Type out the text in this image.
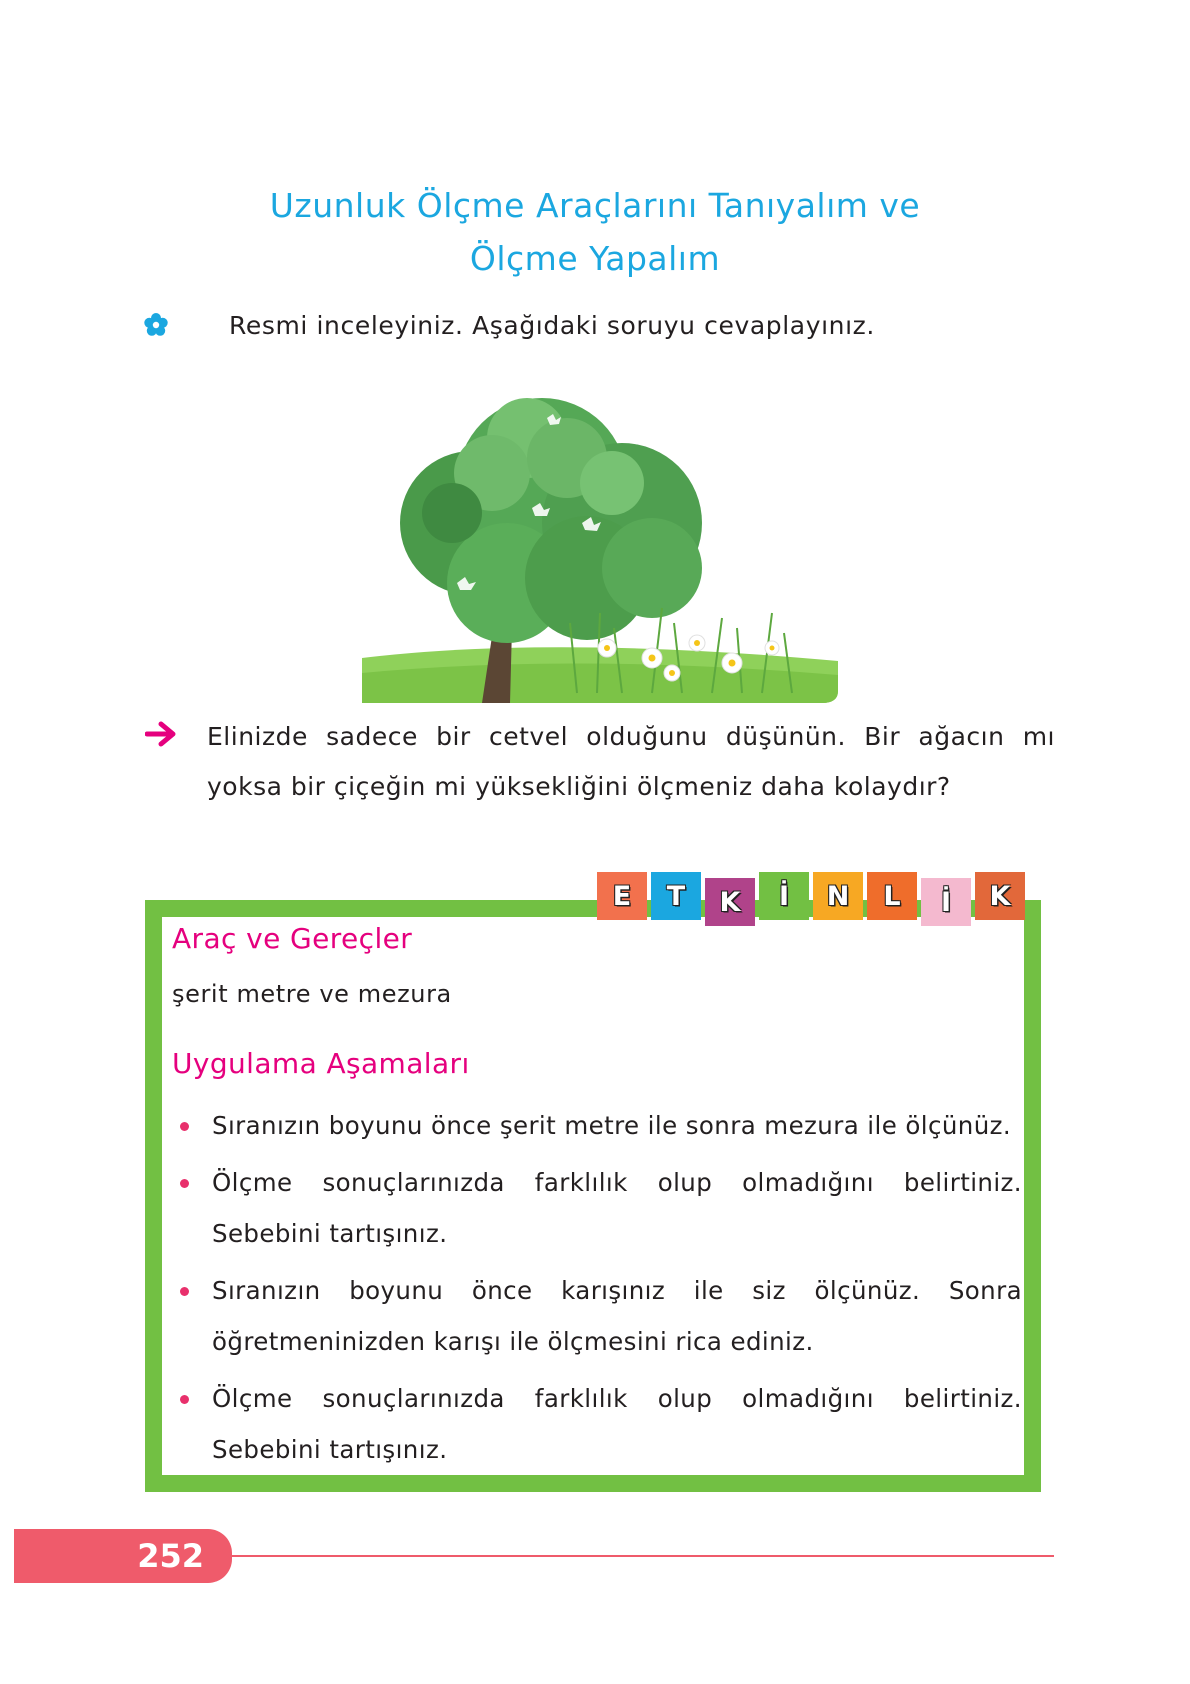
Uzunluk Ölçme Araçlarını Tanıyalım ve
Ölçme Yapalım
Resmi inceleyiniz. Aşağıdaki soruyu cevaplayınız.
Elinizde sadece bir cetvel olduğunu düşünün. Bir ağacın mı yoksa bir çiçeğin mi yüksekliğini ölçmeniz daha kolaydır?
E	T	K	İ	N	L	İ	K
Araç ve Gereçler
şerit metre ve mezura
Uygulama Aşamaları
Sıranızın boyunu önce şerit metre ile sonra mezura ile ölçünüz.
Ölçme sonuçlarınızda farklılık olup olmadığını belirtiniz. Sebebini tartışınız.
Sıranızın boyunu önce karışınız ile siz ölçünüz. Sonra öğretmeninizden karışı ile ölçmesini rica ediniz.
Ölçme sonuçlarınızda farklılık olup olmadığını belirtiniz. Sebebini tartışınız.
252
